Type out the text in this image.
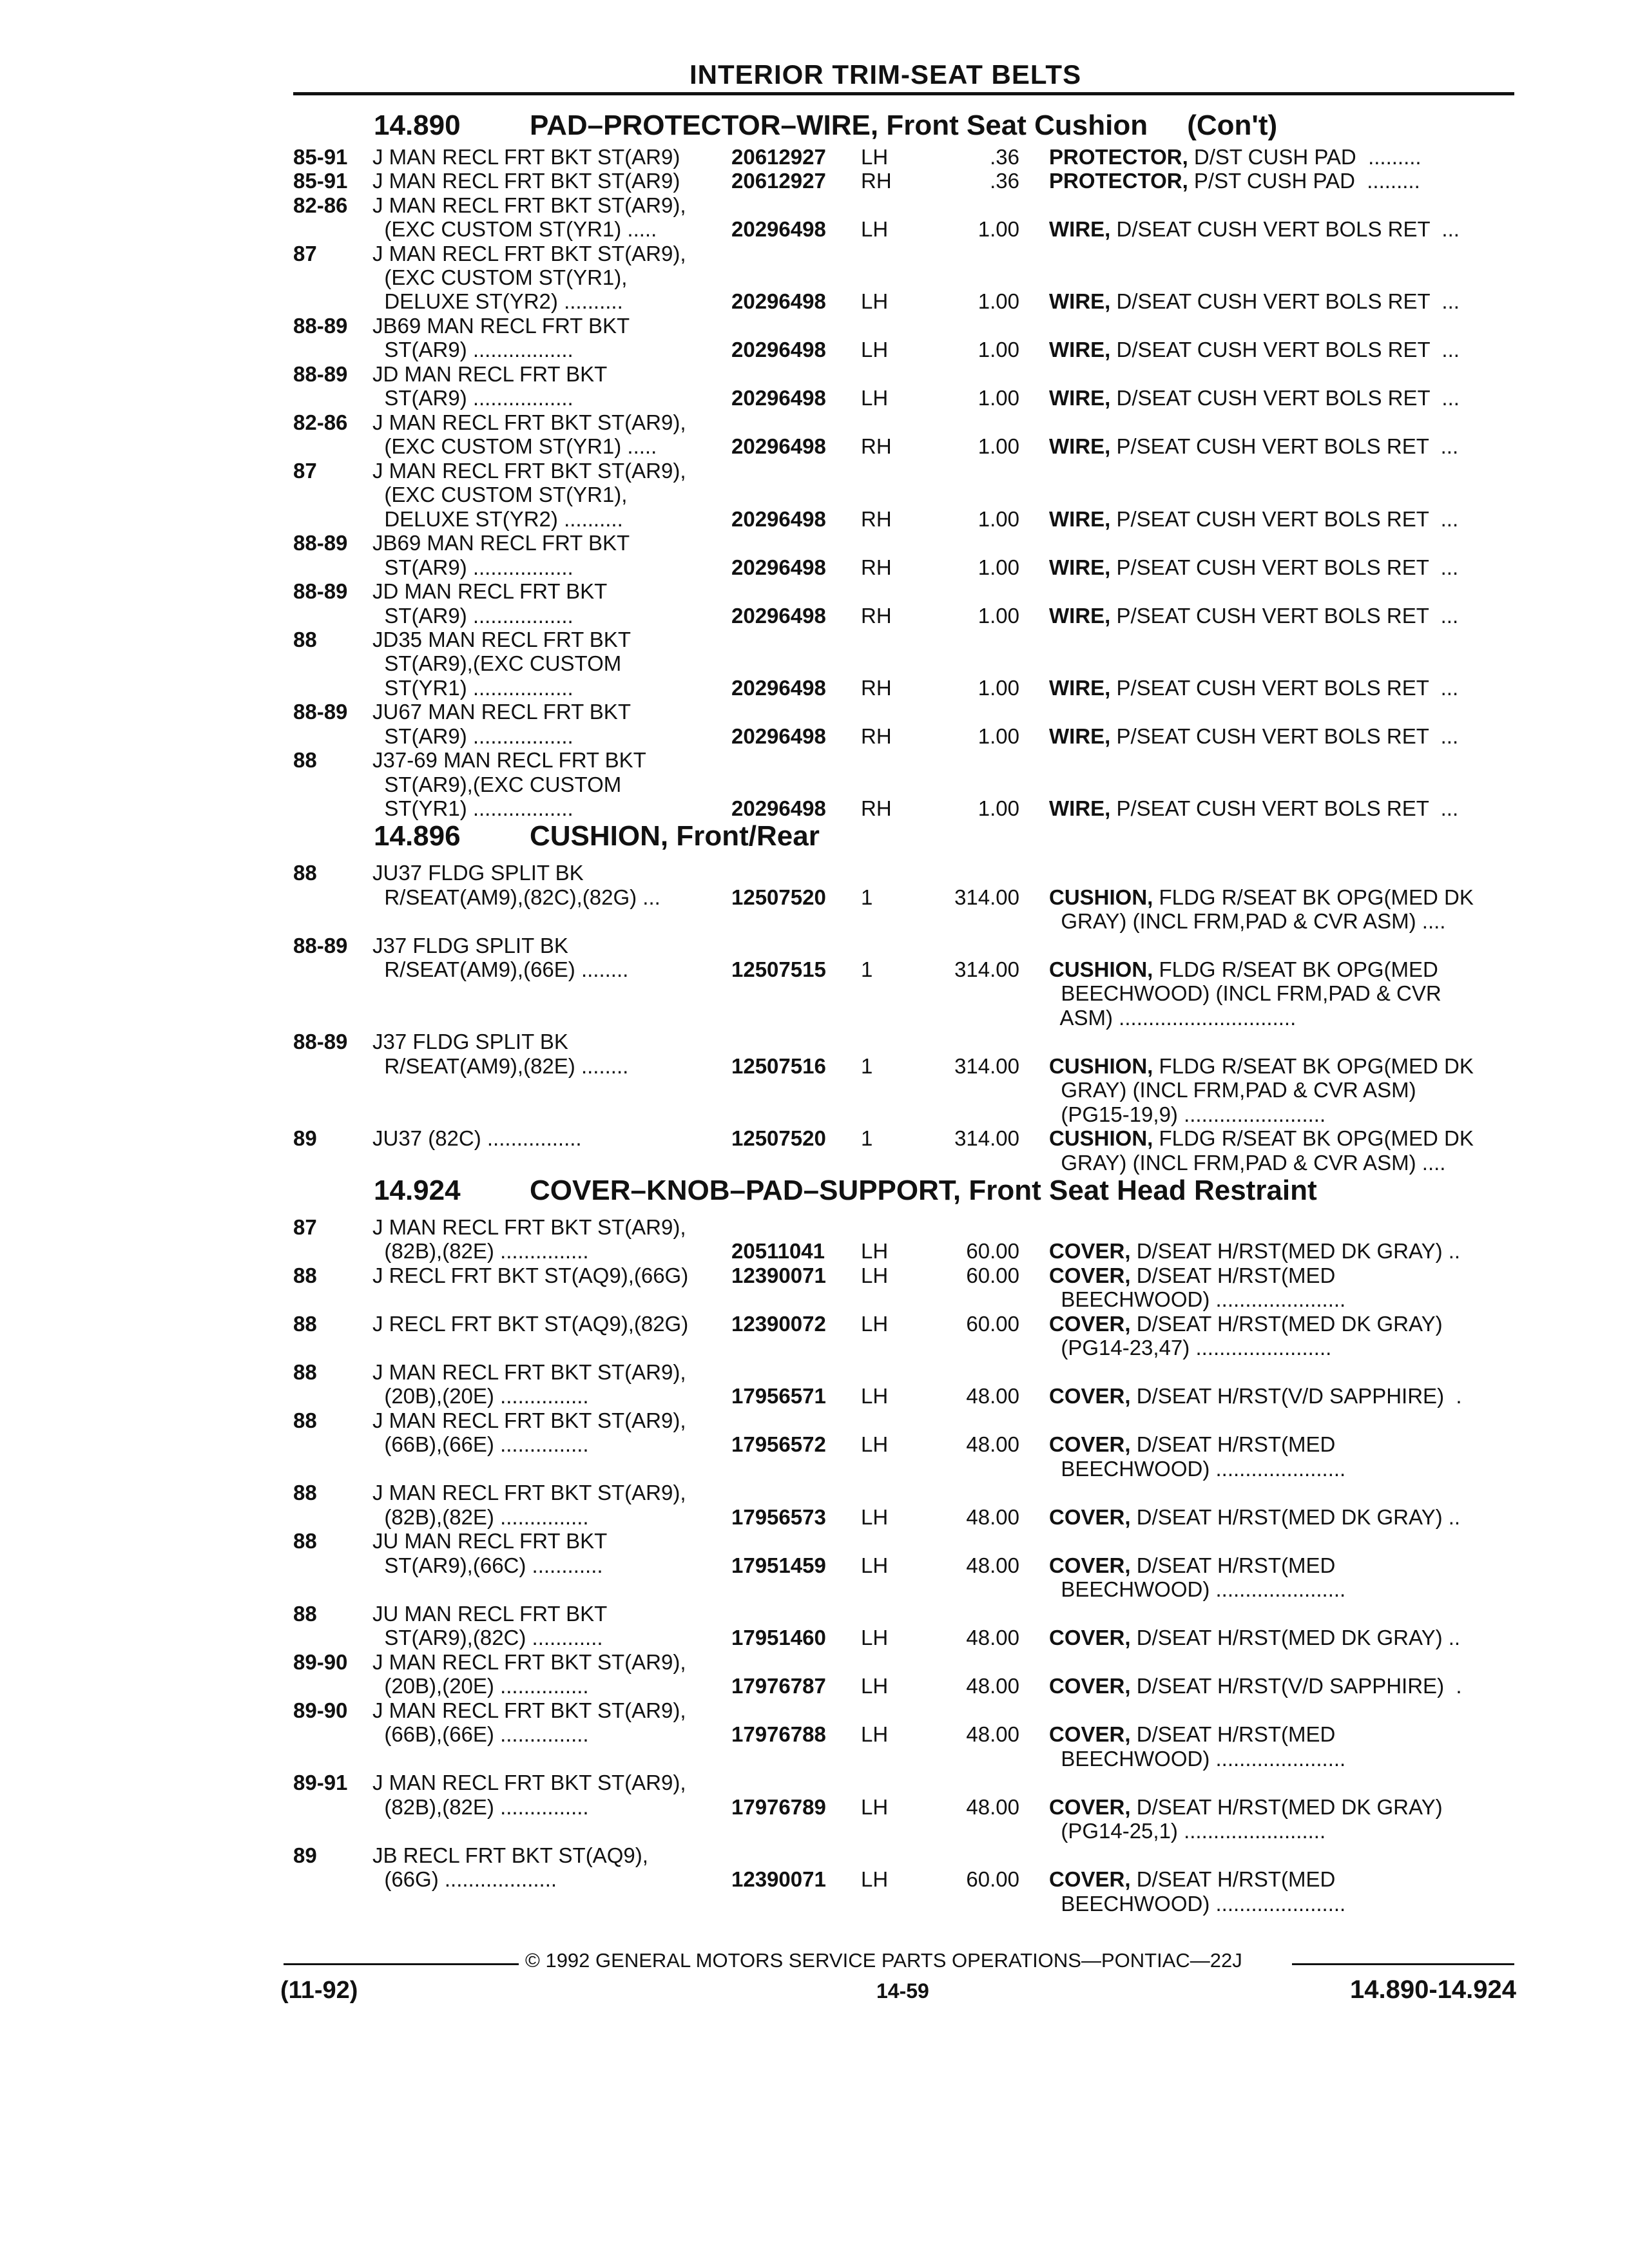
INTERIOR TRIM-SEAT BELTS
14.890 PAD–PROTECTOR–WIRE, Front Seat Cushion     (Con't)
85-91 J MAN RECL FRT BKT ST(AR9) 20612927 LH	.36 PROTECTOR, D/ST CUSH PAD  .........
85-91 J MAN RECL FRT BKT ST(AR9) 20612927 RH	.36 PROTECTOR, P/ST CUSH PAD  .........
82-86 J MAN RECL FRT BKT ST(AR9),
(EXC CUSTOM ST(YR1) .....	20296498 LH	1.00 WIRE, D/SEAT CUSH VERT BOLS RET  ...
87	J MAN RECL FRT BKT ST(AR9),
(EXC CUSTOM ST(YR1),
DELUXE ST(YR2) ..........	20296498 LH	1.00 WIRE, D/SEAT CUSH VERT BOLS RET  ...
88-89 JB69 MAN RECL FRT BKT
ST(AR9) .................	20296498 LH	1.00 WIRE, D/SEAT CUSH VERT BOLS RET  ...
88-89 JD MAN RECL FRT BKT
ST(AR9) .................	20296498 LH	1.00 WIRE, D/SEAT CUSH VERT BOLS RET  ...
82-86 J MAN RECL FRT BKT ST(AR9),
(EXC CUSTOM ST(YR1) .....	20296498 RH	1.00 WIRE, P/SEAT CUSH VERT BOLS RET  ...
87	J MAN RECL FRT BKT ST(AR9),
(EXC CUSTOM ST(YR1),
DELUXE ST(YR2) ..........	20296498 RH	1.00 WIRE, P/SEAT CUSH VERT BOLS RET  ...
88-89 JB69 MAN RECL FRT BKT
ST(AR9) .................	20296498 RH	1.00 WIRE, P/SEAT CUSH VERT BOLS RET  ...
88-89 JD MAN RECL FRT BKT
ST(AR9) .................	20296498 RH	1.00 WIRE, P/SEAT CUSH VERT BOLS RET  ...
88	JD35 MAN RECL FRT BKT
ST(AR9),(EXC CUSTOM
ST(YR1) .................	20296498 RH	1.00 WIRE, P/SEAT CUSH VERT BOLS RET  ...
88-89 JU67 MAN RECL FRT BKT
ST(AR9) .................	20296498 RH	1.00 WIRE, P/SEAT CUSH VERT BOLS RET  ...
88	J37-69 MAN RECL FRT BKT
ST(AR9),(EXC CUSTOM
ST(YR1) .................	20296498 RH	1.00 WIRE, P/SEAT CUSH VERT BOLS RET  ...
14.896 CUSHION, Front/Rear
88	JU37 FLDG SPLIT BK
R/SEAT(AM9),(82C),(82G) ...	12507520 1	314.00 CUSHION, FLDG R/SEAT BK OPG(MED DK
GRAY) (INCL FRM,PAD & CVR ASM) ....
88-89 J37 FLDG SPLIT BK
R/SEAT(AM9),(66E) ........	12507515 1	314.00 CUSHION, FLDG R/SEAT BK OPG(MED
BEECHWOOD) (INCL FRM,PAD & CVR
ASM) ..............................
88-89 J37 FLDG SPLIT BK
R/SEAT(AM9),(82E) ........	12507516 1	314.00 CUSHION, FLDG R/SEAT BK OPG(MED DK
GRAY) (INCL FRM,PAD & CVR ASM)
(PG15-19,9) ........................
89	JU37 (82C) ................	12507520 1	314.00 CUSHION, FLDG R/SEAT BK OPG(MED DK
GRAY) (INCL FRM,PAD & CVR ASM) ....
14.924 COVER–KNOB–PAD–SUPPORT, Front Seat Head Restraint
87	J MAN RECL FRT BKT ST(AR9),
(82B),(82E) ...............	20511041 LH	60.00 COVER, D/SEAT H/RST(MED DK GRAY) ..
88	J RECL FRT BKT ST(AQ9),(66G) 12390071 LH	60.00 COVER, D/SEAT H/RST(MED
BEECHWOOD) ......................
88	J RECL FRT BKT ST(AQ9),(82G) 12390072 LH	60.00 COVER, D/SEAT H/RST(MED DK GRAY)
(PG14-23,47) .......................
88	J MAN RECL FRT BKT ST(AR9),
(20B),(20E) ...............	17956571 LH	48.00 COVER, D/SEAT H/RST(V/D SAPPHIRE)  .
88	J MAN RECL FRT BKT ST(AR9),
(66B),(66E) ...............	17956572 LH	48.00 COVER, D/SEAT H/RST(MED
BEECHWOOD) ......................
88	J MAN RECL FRT BKT ST(AR9),
(82B),(82E) ...............	17956573 LH	48.00 COVER, D/SEAT H/RST(MED DK GRAY) ..
88	JU MAN RECL FRT BKT
ST(AR9),(66C) ............	17951459 LH	48.00 COVER, D/SEAT H/RST(MED
BEECHWOOD) ......................
88	JU MAN RECL FRT BKT
ST(AR9),(82C) ............	17951460 LH	48.00 COVER, D/SEAT H/RST(MED DK GRAY) ..
89-90 J MAN RECL FRT BKT ST(AR9),
(20B),(20E) ...............	17976787 LH	48.00 COVER, D/SEAT H/RST(V/D SAPPHIRE)  .
89-90 J MAN RECL FRT BKT ST(AR9),
(66B),(66E) ...............	17976788 LH	48.00 COVER, D/SEAT H/RST(MED
BEECHWOOD) ......................
89-91 J MAN RECL FRT BKT ST(AR9),
(82B),(82E) ...............	17976789 LH	48.00 COVER, D/SEAT H/RST(MED DK GRAY)
(PG14-25,1) ........................
89	JB RECL FRT BKT ST(AQ9),
(66G) ...................	12390071 LH	60.00 COVER, D/SEAT H/RST(MED
BEECHWOOD) ......................
© 1992 GENERAL MOTORS SERVICE PARTS OPERATIONS—PONTIAC—22J
(11-92)	14-59	14.890-14.924
